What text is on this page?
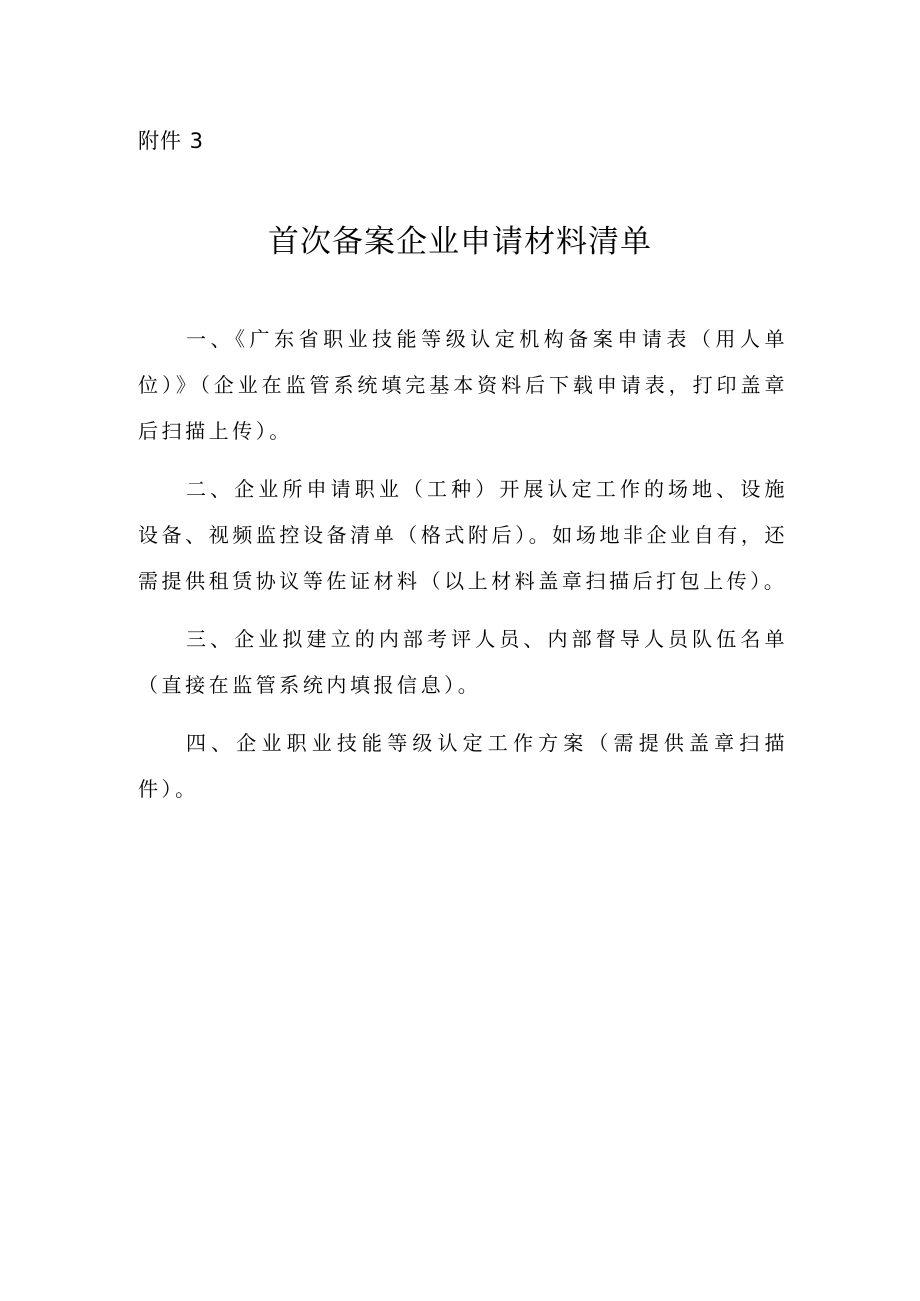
附件 3
首次备案企业申请材料清单

一、《广东省职业技能等级认定机构备案申请表（用人单位）》（企业在监管系统填完基本资料后下载申请表，打印盖章后扫描上传）。

二、企业所申请职业（工种）开展认定工作的场地、设施设备、视频监控设备清单（格式附后）。如场地非企业自有，还需提供租赁协议等佐证材料（以上材料盖章扫描后打包上传）。

三、企业拟建立的内部考评人员、内部督导人员队伍名单（直接在监管系统内填报信息）。

四、企业职业技能等级认定工作方案（需提供盖章扫描件）。
